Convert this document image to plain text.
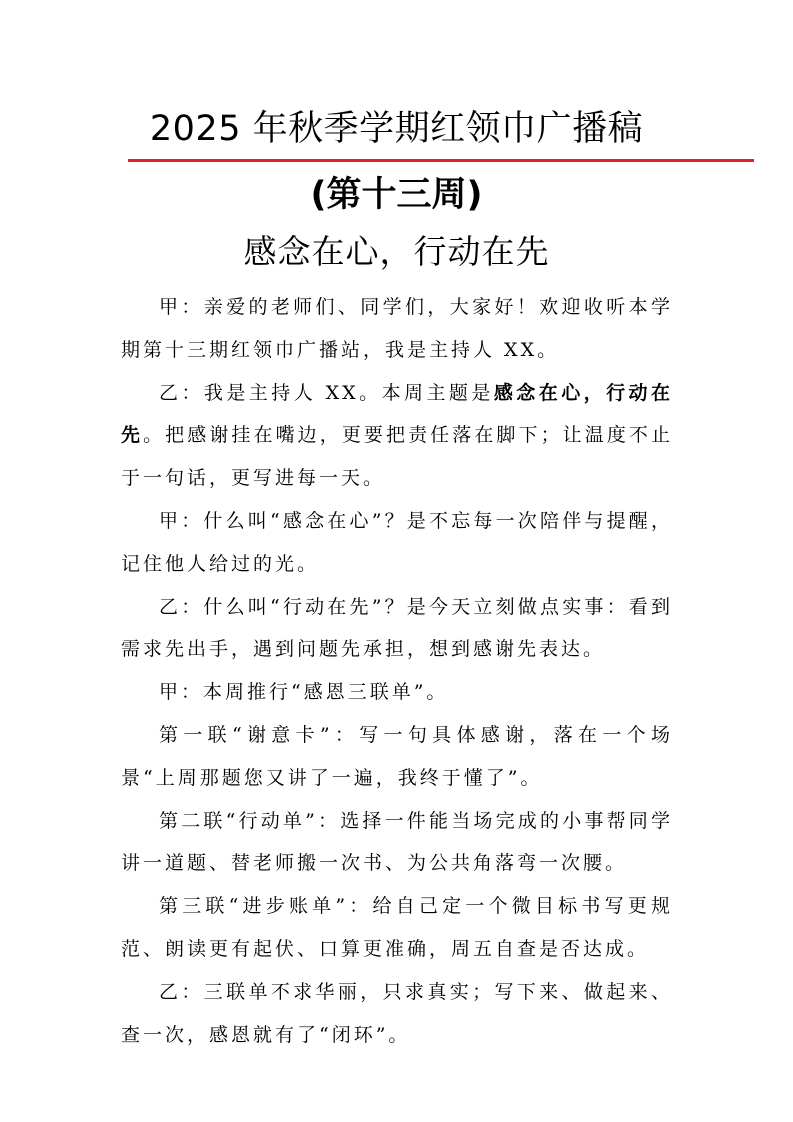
2025 年秋季学期红领巾广播稿
(第十三周)
感念在心，行动在先

甲：亲爱的老师们、同学们，大家好！欢迎收听本学期第十三期红领巾广播站，我是主持人 XX。

乙：我是主持人 XX。本周主题是感念在心，行动在先。把感谢挂在嘴边，更要把责任落在脚下；让温度不止于一句话，更写进每一天。

甲：什么叫“感念在心”？是不忘每一次陪伴与提醒，记住他人给过的光。

乙：什么叫“行动在先”？是今天立刻做点实事：看到需求先出手，遇到问题先承担，想到感谢先表达。

甲：本周推行“感恩三联单”。

第一联“谢意卡”：写一句具体感谢，落在一个场景“上周那题您又讲了一遍，我终于懂了”。

第二联“行动单”：选择一件能当场完成的小事帮同学讲一道题、替老师搬一次书、为公共角落弯一次腰。

第三联“进步账单”：给自己定一个微目标书写更规范、朗读更有起伏、口算更准确，周五自查是否达成。

乙：三联单不求华丽，只求真实；写下来、做起来、查一次，感恩就有了“闭环”。
